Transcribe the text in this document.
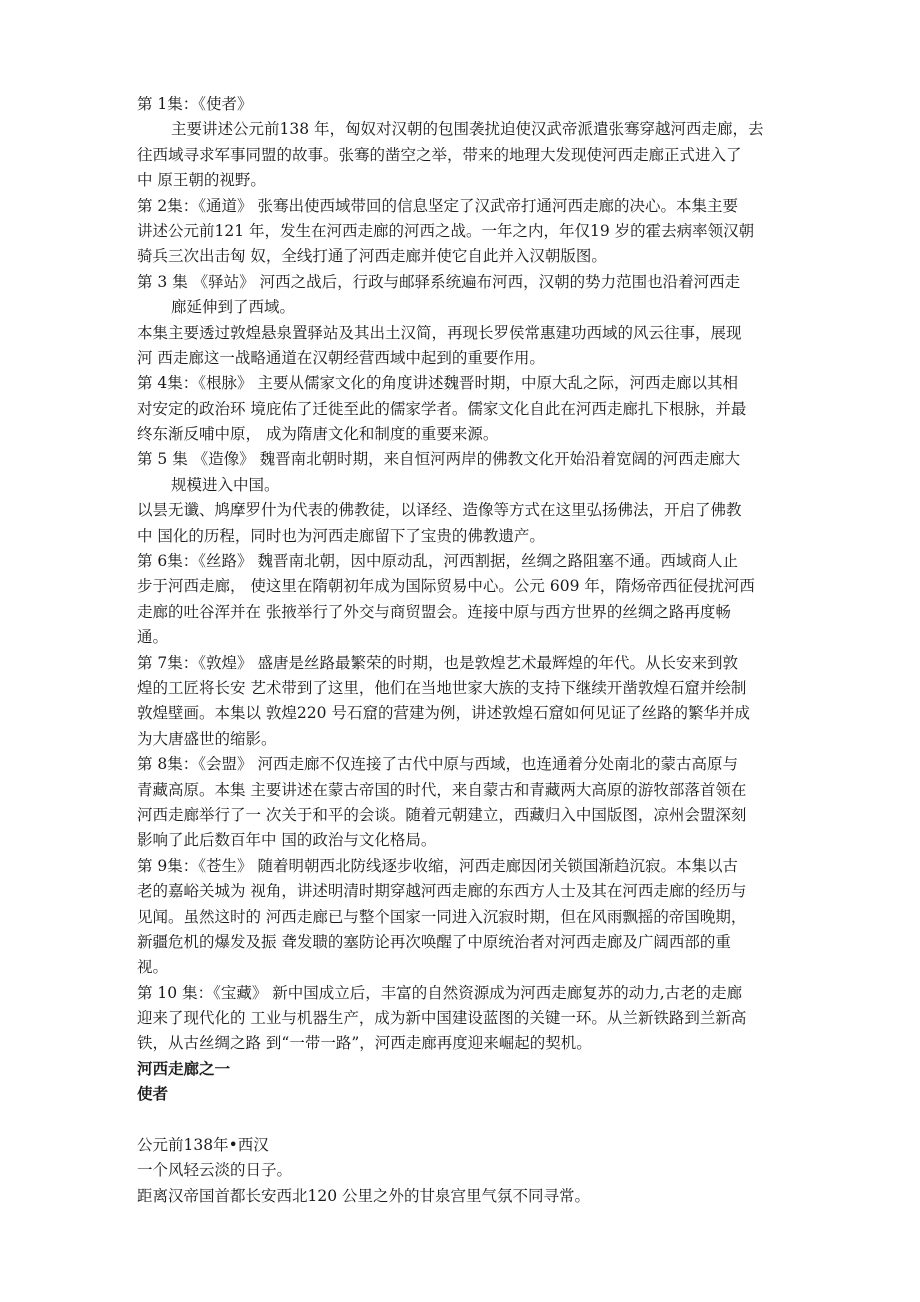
第 1集：《使者》
主要讲述公元前138 年，匈奴对汉朝的包围袭扰迫使汉武帝派遣张骞穿越河西走廊，去
往西域寻求军事同盟的故事。张骞的凿空之举，带来的地理大发现使河西走廊正式进入了
中 原王朝的视野。
第 2集：《通道》 张骞出使西域带回的信息坚定了汉武帝打通河西走廊的决心。本集主要
讲述公元前121 年，发生在河西走廊的河西之战。一年之内，年仅19 岁的霍去病率领汉朝
骑兵三次出击匈 奴，全线打通了河西走廊并使它自此并入汉朝版图。
第 3 集 《驿站》 河西之战后，行政与邮驿系统遍布河西，汉朝的势力范围也沿着河西走
廊延伸到了西域。
本集主要透过敦煌悬泉置驿站及其出土汉简，再现长罗侯常惠建功西域的风云往事，展现
河 西走廊这一战略通道在汉朝经营西域中起到的重要作用。
第 4集：《根脉》 主要从儒家文化的角度讲述魏晋时期，中原大乱之际，河西走廊以其相
对安定的政治环 境庇佑了迁徙至此的儒家学者。儒家文化自此在河西走廊扎下根脉，并最
终东渐反哺中原， 成为隋唐文化和制度的重要来源。
第 5 集 《造像》 魏晋南北朝时期，来自恒河两岸的佛教文化开始沿着宽阔的河西走廊大
规模进入中国。
以昙无谶、鸠摩罗什为代表的佛教徒，以译经、造像等方式在这里弘扬佛法，开启了佛教
中 国化的历程，同时也为河西走廊留下了宝贵的佛教遗产。
第 6集：《丝路》 魏晋南北朝，因中原动乱，河西割据，丝绸之路阻塞不通。西域商人止
步于河西走廊， 使这里在隋朝初年成为国际贸易中心。公元 609 年，隋炀帝西征侵扰河西
走廊的吐谷浑并在 张掖举行了外交与商贸盟会。连接中原与西方世界的丝绸之路再度畅
通。
第 7集：《敦煌》 盛唐是丝路最繁荣的时期，也是敦煌艺术最辉煌的年代。从长安来到敦
煌的工匠将长安 艺术带到了这里，他们在当地世家大族的支持下继续开凿敦煌石窟并绘制
敦煌壁画。本集以 敦煌220 号石窟的营建为例，讲述敦煌石窟如何见证了丝路的繁华并成
为大唐盛世的缩影。
第 8集：《会盟》 河西走廊不仅连接了古代中原与西域，也连通着分处南北的蒙古高原与
青藏高原。本集 主要讲述在蒙古帝国的时代，来自蒙古和青藏两大高原的游牧部落首领在
河西走廊举行了一 次关于和平的会谈。随着元朝建立，西藏归入中国版图，凉州会盟深刻
影响了此后数百年中 国的政治与文化格局。
第 9集：《苍生》 随着明朝西北防线逐步收缩，河西走廊因闭关锁国渐趋沉寂。本集以古
老的嘉峪关城为 视角，讲述明清时期穿越河西走廊的东西方人士及其在河西走廊的经历与
见闻。虽然这时的 河西走廊已与整个国家一同进入沉寂时期，但在风雨飘摇的帝国晚期，
新疆危机的爆发及振 聋发聩的塞防论再次唤醒了中原统治者对河西走廊及广阔西部的重
视。
第 10 集：《宝藏》 新中国成立后，丰富的自然资源成为河西走廊复苏的动力,古老的走廊
迎来了现代化的 工业与机器生产，成为新中国建设蓝图的关键一环。从兰新铁路到兰新高
铁，从古丝绸之路 到“一带一路”，河西走廊再度迎来崛起的契机。
河西走廊之一
使者
公元前138年•西汉
一个风轻云淡的日子。
距离汉帝国首都长安西北120 公里之外的甘泉宫里气氛不同寻常。
